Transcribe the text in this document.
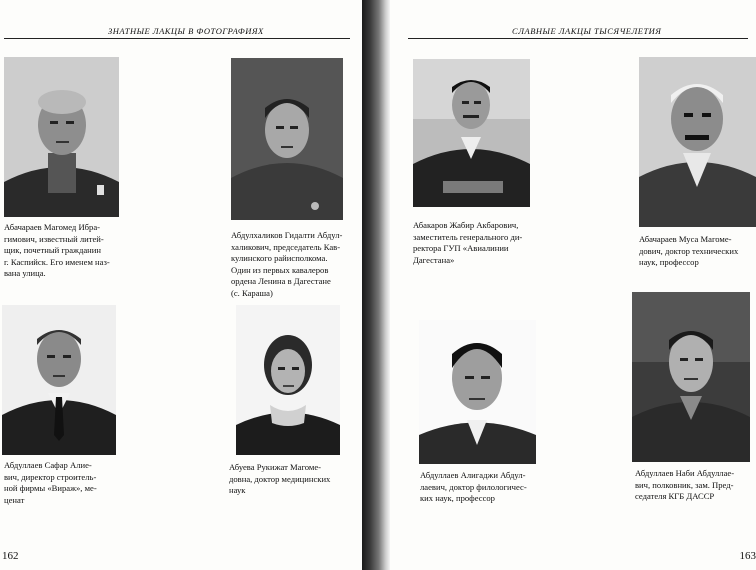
ЗНАТНЫЕ ЛАКЦЫ В ФОТОГРАФИЯХ
Абачараев Магомед Ибра-
гимович, известный литей-
щик, почетный гражданин
г. Каспийск. Его именем наз-
вана улица.
Абдулхаликов Гидалти Абдул-
халикович, председатель Кав-
кулинского райисполкома.
Один из первых кавалеров
ордена Ленина в Дагестане
(с. Караша)
Абдуллаев Сафар Алие-
вич, директор строитель-
ной фирмы «Вираж», ме-
ценат
Абуева Рукижат Магоме-
довна, доктор медицинских
наук
162
СЛАВНЫЕ ЛАКЦЫ ТЫСЯЧЕЛЕТИЯ
Абакаров Жабир Акбарович,
заместитель генерального ди-
ректора ГУП «Авиалинии
Дагестана»
Абачараев Муса Магоме-
дович, доктор технических
наук, профессор
Абдуллаев Алигаджи Абдул-
лаевич, доктор филологичес-
ких наук, профессор
Абдуллаев Наби Абдуллае-
вич, полковник, зам. Пред-
седателя КГБ ДАССР
163
